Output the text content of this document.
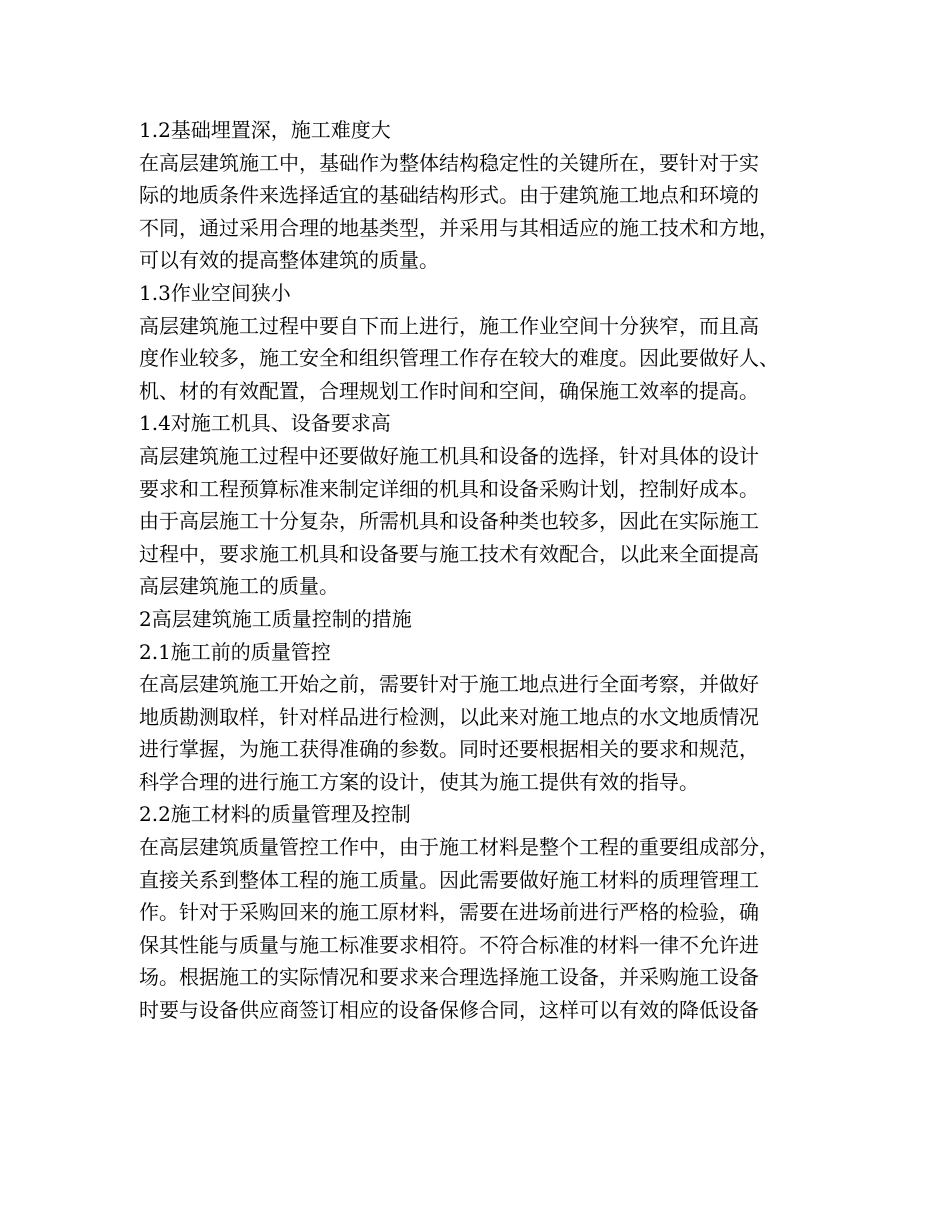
1.2基础埋置深，施工难度大
在高层建筑施工中，基础作为整体结构稳定性的关键所在，要针对于实
际的地质条件来选择适宜的基础结构形式。由于建筑施工地点和环境的
不同，通过采用合理的地基类型，并采用与其相适应的施工技术和方地，
可以有效的提高整体建筑的质量。
1.3作业空间狭小
高层建筑施工过程中要自下而上进行，施工作业空间十分狭窄，而且高
度作业较多，施工安全和组织管理工作存在较大的难度。因此要做好人、
机、材的有效配置，合理规划工作时间和空间，确保施工效率的提高。
1.4对施工机具、设备要求高
高层建筑施工过程中还要做好施工机具和设备的选择，针对具体的设计
要求和工程预算标准来制定详细的机具和设备采购计划，控制好成本。
由于高层施工十分复杂，所需机具和设备种类也较多，因此在实际施工
过程中，要求施工机具和设备要与施工技术有效配合，以此来全面提高
高层建筑施工的质量。
2高层建筑施工质量控制的措施
2.1施工前的质量管控
在高层建筑施工开始之前，需要针对于施工地点进行全面考察，并做好
地质勘测取样，针对样品进行检测，以此来对施工地点的水文地质情况
进行掌握，为施工获得准确的参数。同时还要根据相关的要求和规范，
科学合理的进行施工方案的设计，使其为施工提供有效的指导。
2.2施工材料的质量管理及控制
在高层建筑质量管控工作中，由于施工材料是整个工程的重要组成部分，
直接关系到整体工程的施工质量。因此需要做好施工材料的质理管理工
作。针对于采购回来的施工原材料，需要在进场前进行严格的检验，确
保其性能与质量与施工标准要求相符。不符合标准的材料一律不允许进
场。根据施工的实际情况和要求来合理选择施工设备，并采购施工设备
时要与设备供应商签订相应的设备保修合同，这样可以有效的降低设备
